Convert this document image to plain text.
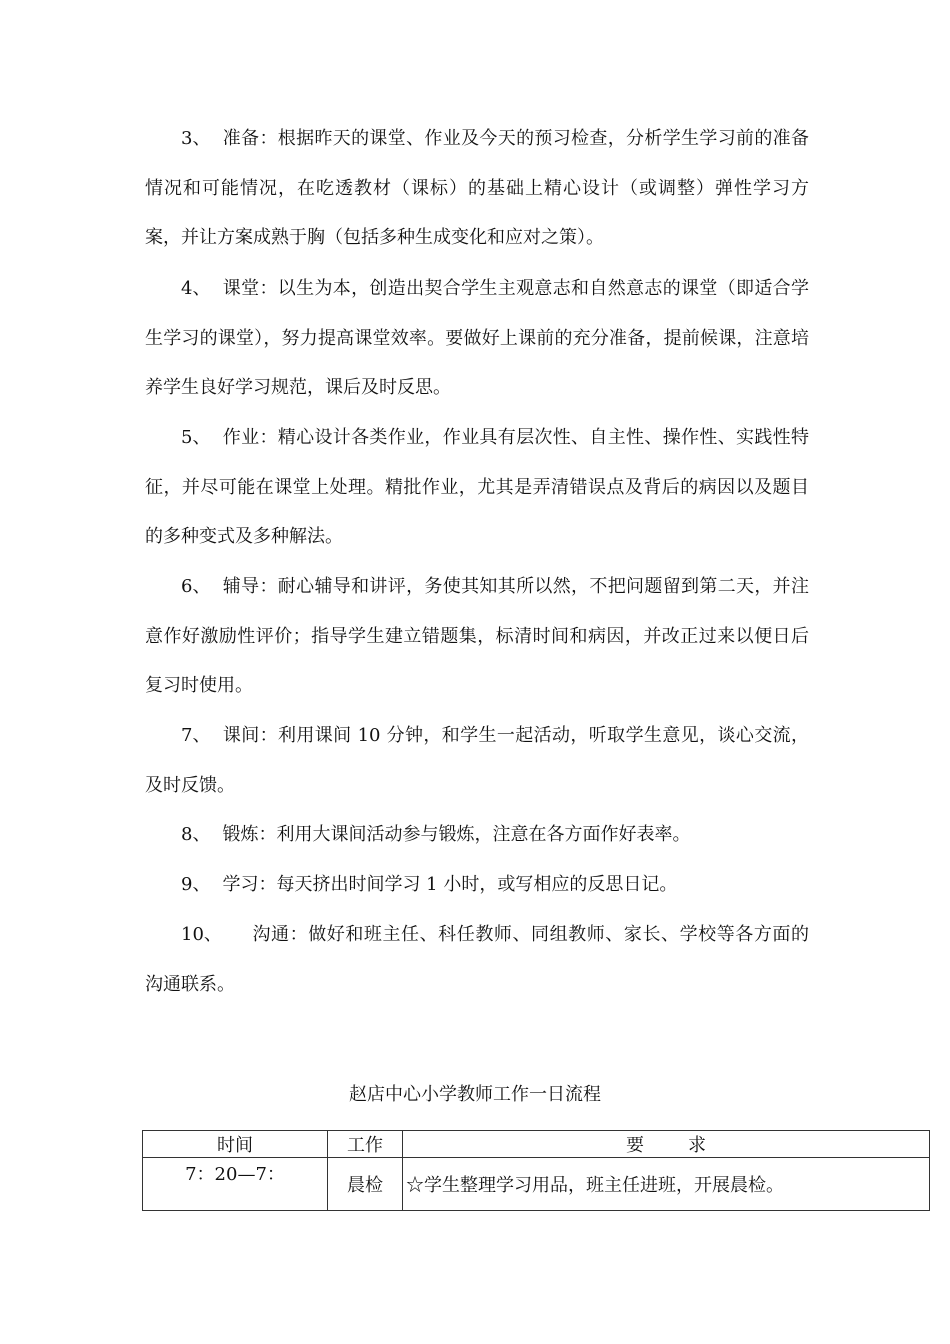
3、 准备：根据昨天的课堂、作业及今天的预习检查，分析学生学习前的准备情况和可能情况，在吃透教材（课标）的基础上精心设计（或调整）弹性学习方案，并让方案成熟于胸（包括多种生成变化和应对之策）。

4、 课堂：以生为本，创造出契合学生主观意志和自然意志的课堂（即适合学生学习的课堂），努力提高课堂效率。要做好上课前的充分准备，提前候课，注意培养学生良好学习规范，课后及时反思。

5、 作业：精心设计各类作业，作业具有层次性、自主性、操作性、实践性特征，并尽可能在课堂上处理。精批作业，尤其是弄清错误点及背后的病因以及题目的多种变式及多种解法。

6、 辅导：耐心辅导和讲评，务使其知其所以然，不把问题留到第二天，并注意作好激励性评价；指导学生建立错题集，标清时间和病因，并改正过来以便日后复习时使用。

7、 课间：利用课间 10 分钟，和学生一起活动，听取学生意见，谈心交流，及时反馈。

8、 锻炼：利用大课间活动参与锻炼，注意在各方面作好表率。

9、 学习：每天挤出时间学习 1 小时，或写相应的反思日记。

10、 沟通：做好和班主任、科任教师、同组教师、家长、学校等各方面的沟通联系。

赵店中心小学教师工作一日流程

时间	工作	要 求
7：20—7：	晨检	☆学生整理学习用品，班主任进班，开展晨检。
